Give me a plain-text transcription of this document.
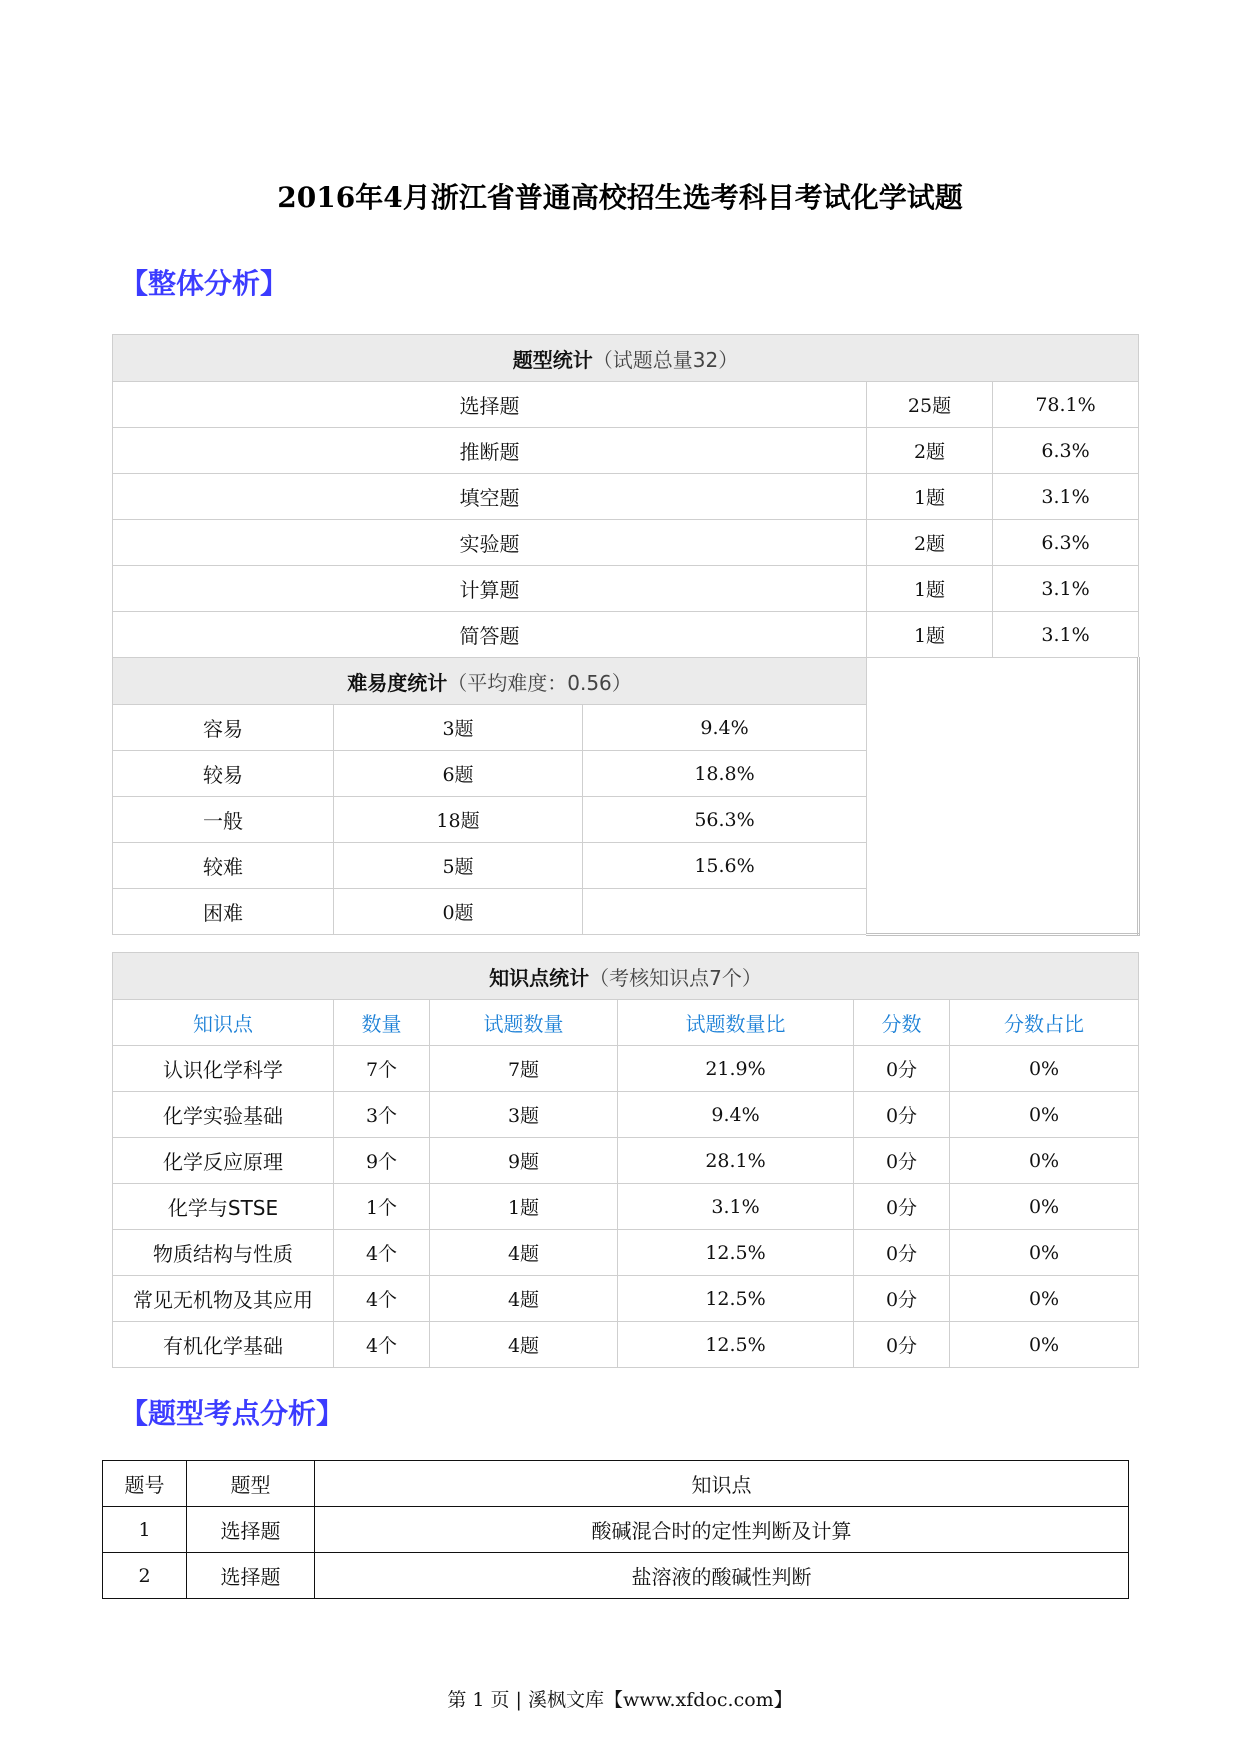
2016年4月浙江省普通高校招生选考科目考试化学试题
【整体分析】
题型统计（试题总量32）				
选择题			25题	78.1%
推断题			2题	6.3%
填空题			1题	3.1%
实验题			2题	6.3%
计算题			1题	3.1%
简答题			1题	3.1%
难易度统计（平均难度：0.56）				
容易	3题	9.4%		
较易	6题	18.8%		
一般	18题	56.3%		
较难	5题	15.6%		
困难	0题			
知识点统计（考核知识点7个）					
知识点	数量	试题数量	试题数量比	分数	分数占比
认识化学科学	7个	7题	21.9%	0分	0%
化学实验基础	3个	3题	9.4%	0分	0%
化学反应原理	9个	9题	28.1%	0分	0%
化学与STSE	1个	1题	3.1%	0分	0%
物质结构与性质	4个	4题	12.5%	0分	0%
常见无机物及其应用	4个	4题	12.5%	0分	0%
有机化学基础	4个	4题	12.5%	0分	0%
【题型考点分析】
题号	题型	知识点
1	选择题	酸碱混合时的定性判断及计算
2	选择题	盐溶液的酸碱性判断
第 1 页 | 溪枫文库【www.xfdoc.com】
